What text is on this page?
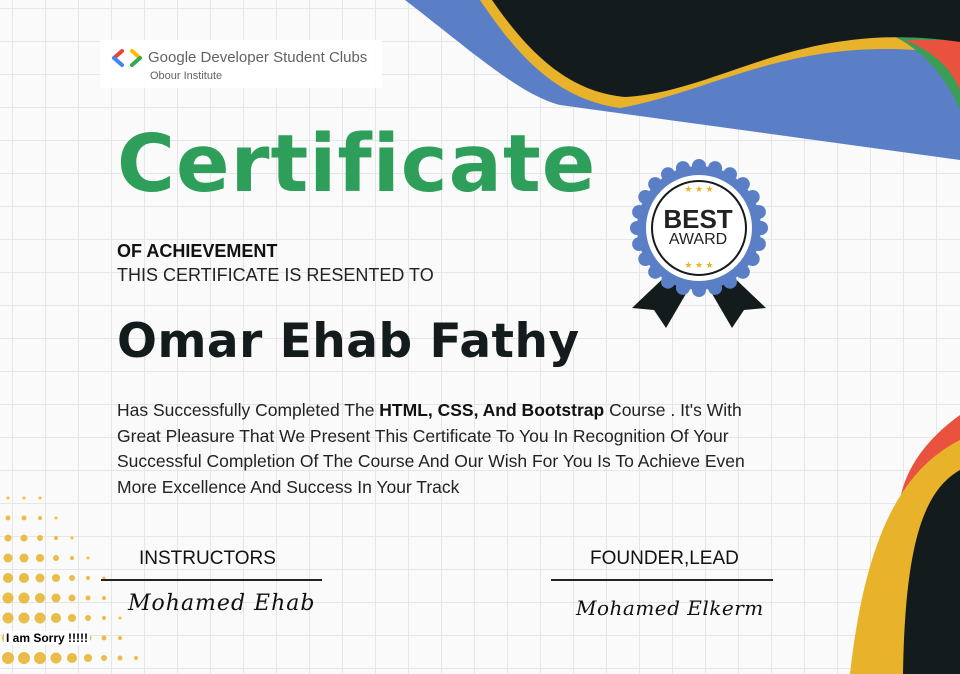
Google Developer Student Clubs
Obour Institute
Certificate
OF ACHIEVEMENT
THIS CERTIFICATE IS RESENTED TO
Omar Ehab Fathy
Has Successfully Completed The HTML, CSS, And Bootstrap Course . It's With Great Pleasure That We Present This Certificate To You In Recognition Of Your Successful Completion Of The Course And Our Wish For You Is To Achieve Even More Excellence And Success In Your Track
★ ★ ★
★ ★ ★
BEST
AWARD
INSTRUCTORS
Mohamed Ehab
FOUNDER,LEAD
Mohamed Elkerm
I am Sorry !!!!!
